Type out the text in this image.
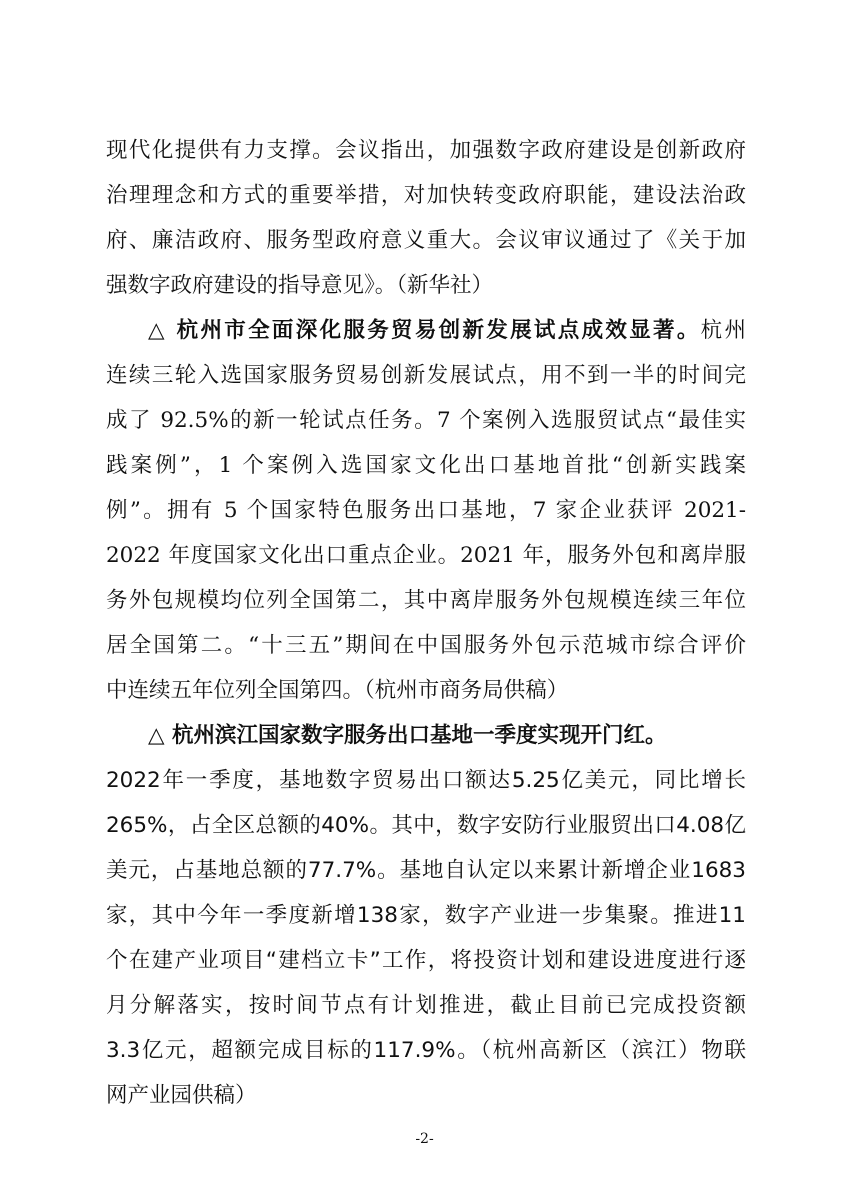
现代化提供有力支撑。会议指出，加强数字政府建设是创新政府
治理理念和方式的重要举措，对加快转变政府职能，建设法治政
府、廉洁政府、服务型政府意义重大。会议审议通过了《关于加
强数字政府建设的指导意见》。（新华社）
△ 杭州市全面深化服务贸易创新发展试点成效显著。杭州
连续三轮入选国家服务贸易创新发展试点，用不到一半的时间完
成了 92.5%的新一轮试点任务。7 个案例入选服贸试点“最佳实
践案例”，1 个案例入选国家文化出口基地首批“创新实践案
例”。拥有 5 个国家特色服务出口基地，7 家企业获评 2021-
2022 年度国家文化出口重点企业。2021 年，服务外包和离岸服
务外包规模均位列全国第二，其中离岸服务外包规模连续三年位
居全国第二。“十三五”期间在中国服务外包示范城市综合评价
中连续五年位列全国第四。（杭州市商务局供稿）
△ 杭州滨江国家数字服务出口基地一季度实现开门红。
2022年一季度，基地数字贸易出口额达5.25亿美元，同比增长
265%，占全区总额的40%。其中，数字安防行业服贸出口4.08亿
美元，占基地总额的77.7%。基地自认定以来累计新增企业1683
家，其中今年一季度新增138家，数字产业进一步集聚。推进11
个在建产业项目“建档立卡”工作，将投资计划和建设进度进行逐
月分解落实，按时间节点有计划推进，截止目前已完成投资额
3.3亿元，超额完成目标的117.9%。（杭州高新区（滨江）物联
网产业园供稿）
-2-
